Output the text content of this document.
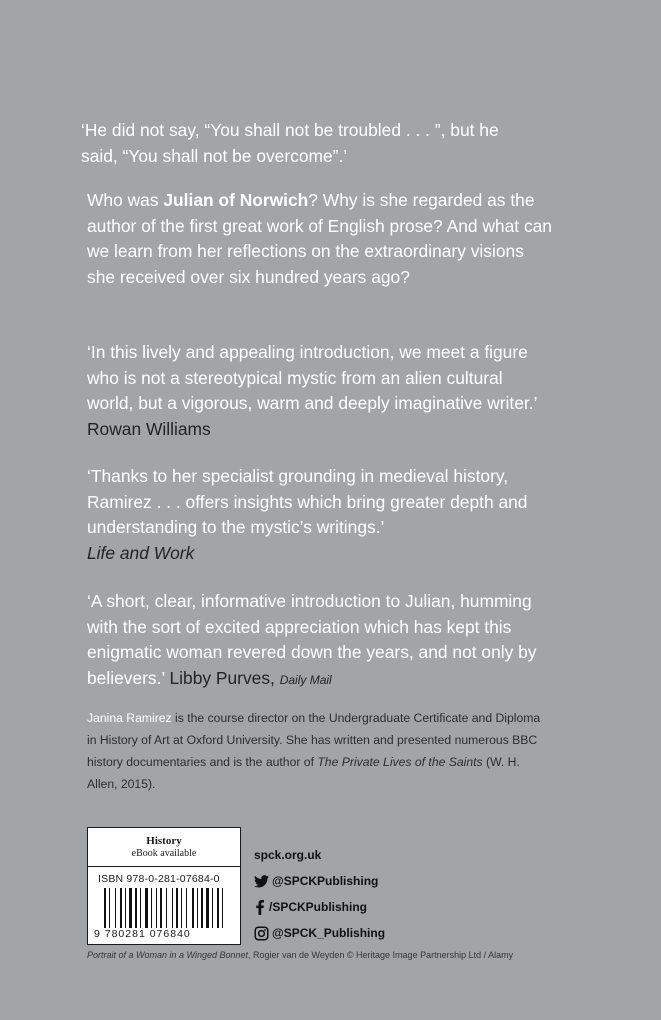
‘He did not say, “You shall not be troubled . . . ”, but he

said, “You shall not be overcome”.’

Who was Julian of Norwich? Why is she regarded as the author of the first great work of English prose? And what can we learn from her reflections on the extraordinary visions she received over six hundred years ago?

‘In this lively and appealing introduction, we meet a figure who is not a stereotypical mystic from an alien cultural world, but a vigorous, warm and deeply imaginative writer.’ Rowan Williams

‘Thanks to her specialist grounding in medieval history, Ramirez . . . offers insights which bring greater depth and understanding to the mystic’s writings.’

Life and Work

‘A short, clear, informative introduction to Julian, humming with the sort of excited appreciation which has kept this enigmatic woman revered down the years, and not only by believers.’ Libby Purves, Daily Mail

Janina Ramirez is the course director on the Undergraduate Certificate and Diploma in History of Art at Oxford University. She has written and presented numerous BBC history documentaries and is the author of The Private Lives of the Saints (W. H. Allen, 2015).
History
eBook available
ISBN 978-0-281-07684-0
9 780281 076840
spck.org.uk
@SPCKPublishing
/SPCKPublishing
@SPCK_Publishing
Portrait of a Woman in a Winged Bonnet, Rogier van de Weyden © Heritage Image Partnership Ltd / Alamy
